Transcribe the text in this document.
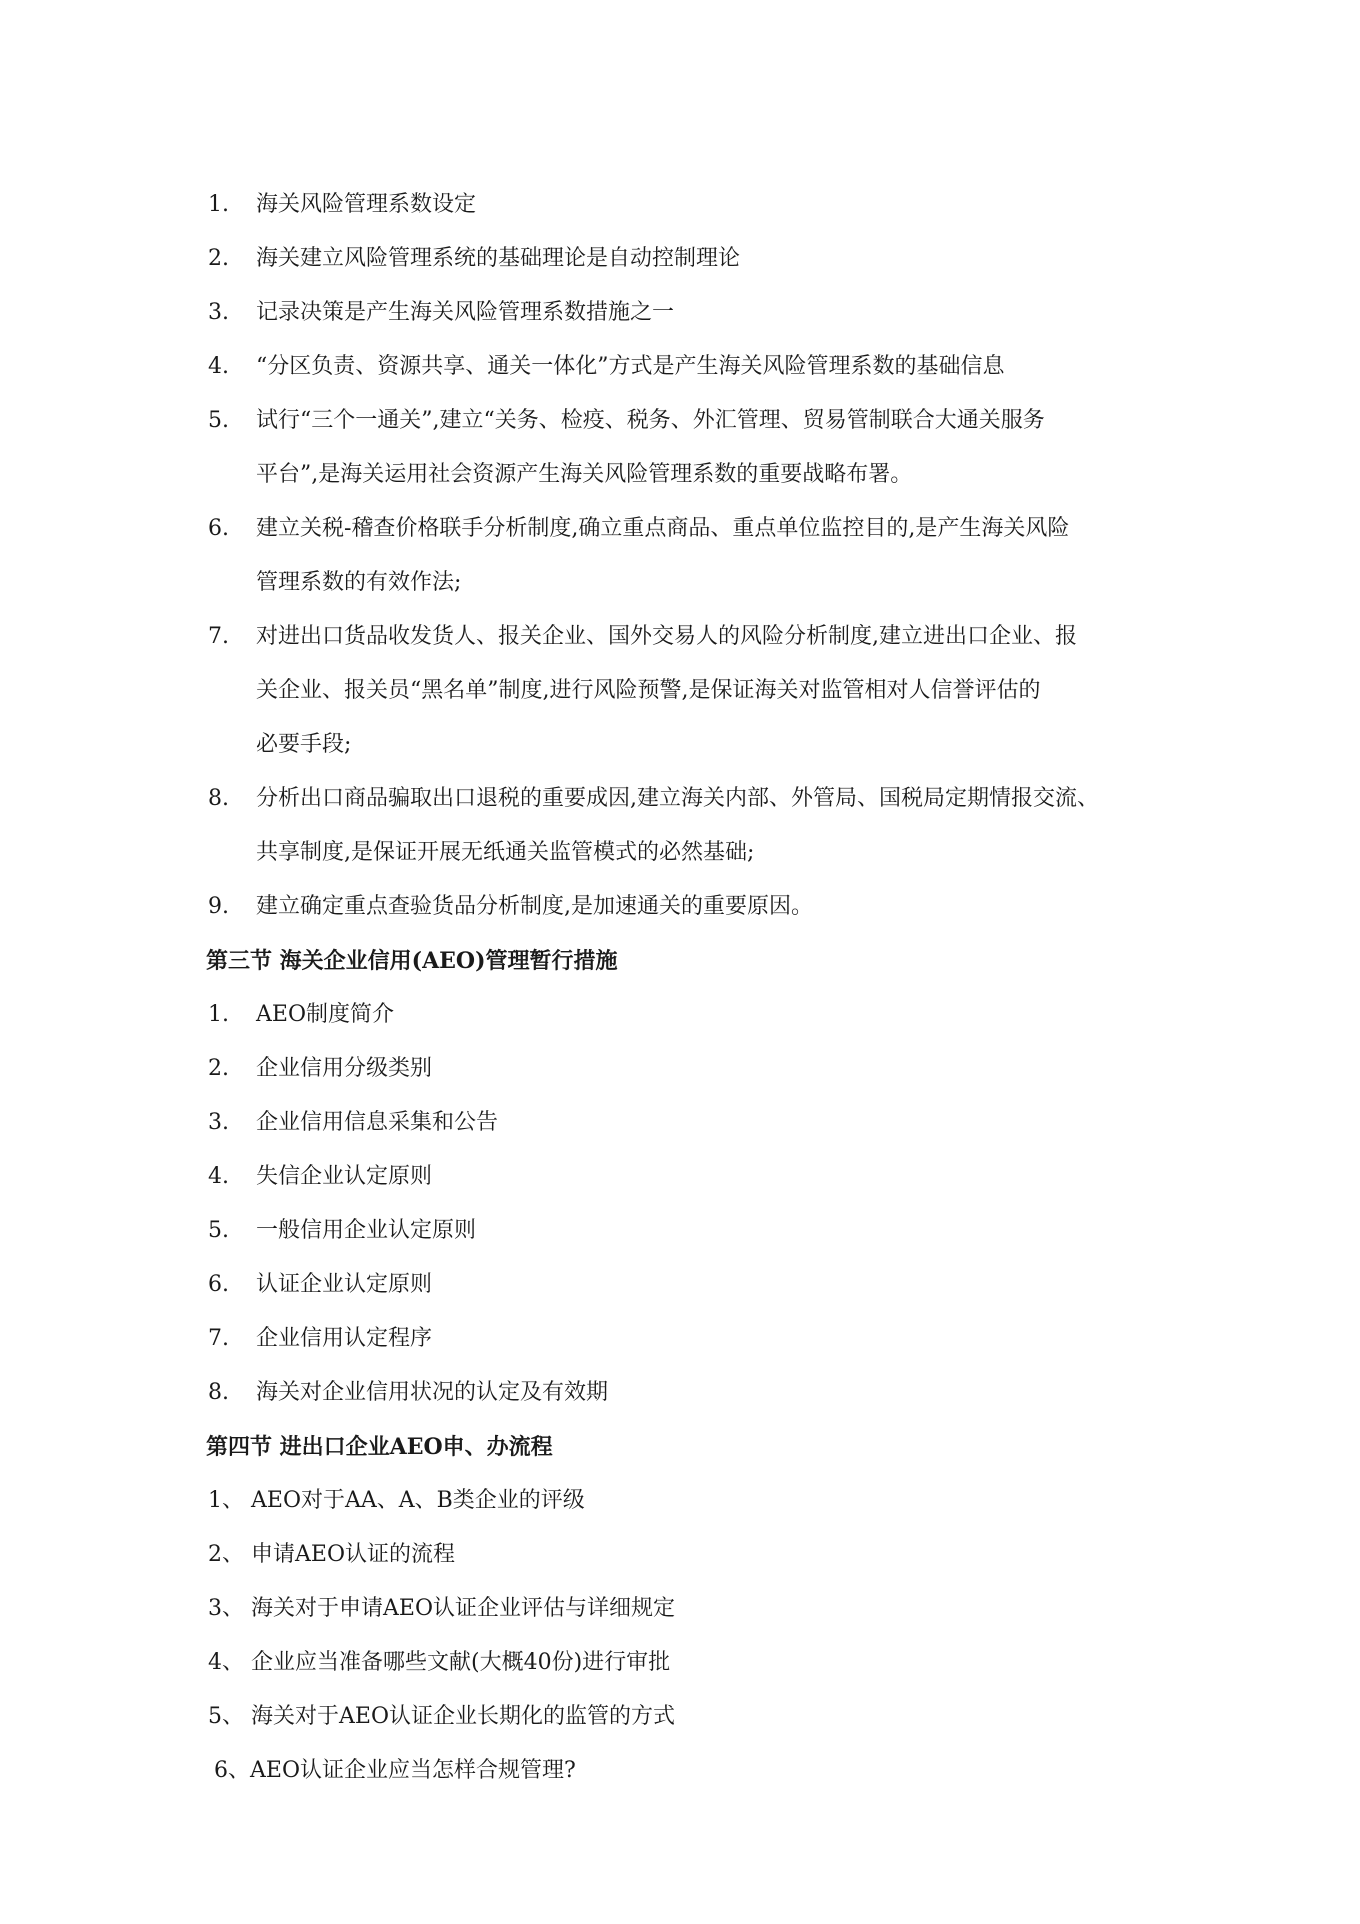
1.	海关风险管理系数设定
2.	海关建立风险管理系统的基础理论是自动控制理论
3.	记录决策是产生海关风险管理系数措施之一
4.	“分区负责、资源共享、通关一体化”方式是产生海关风险管理系数的基础信息
5.	试行“三个一通关”,建立“关务、检疫、税务、外汇管理、贸易管制联合大通关服务
平台”,是海关运用社会资源产生海关风险管理系数的重要战略布署。
6.	建立关税-稽查价格联手分析制度,确立重点商品、重点单位监控目的,是产生海关风险
管理系数的有效作法;
7.	对进出口货品收发货人、报关企业、国外交易人的风险分析制度,建立进出口企业、报
关企业、报关员“黑名单”制度,进行风险预警,是保证海关对监管相对人信誉评估的
必要手段;
8.	分析出口商品骗取出口退税的重要成因,建立海关内部、外管局、国税局定期情报交流、
共享制度,是保证开展无纸通关监管模式的必然基础;
9.	建立确定重点查验货品分析制度,是加速通关的重要原因。
第三节 海关企业信用(AEO)管理暂行措施
1.	AEO制度简介
2.	企业信用分级类别
3.	企业信用信息采集和公告
4.	失信企业认定原则
5.	一般信用企业认定原则
6.	认证企业认定原则
7.	企业信用认定程序
8.	海关对企业信用状况的认定及有效期
第四节 进出口企业AEO申、办流程
1、 AEO对于AA、A、B类企业的评级
2、 申请AEO认证的流程
3、 海关对于申请AEO认证企业评估与详细规定
4、 企业应当准备哪些文献(大概40份)进行审批
5、 海关对于AEO认证企业长期化的监管的方式
6、AEO认证企业应当怎样合规管理?
